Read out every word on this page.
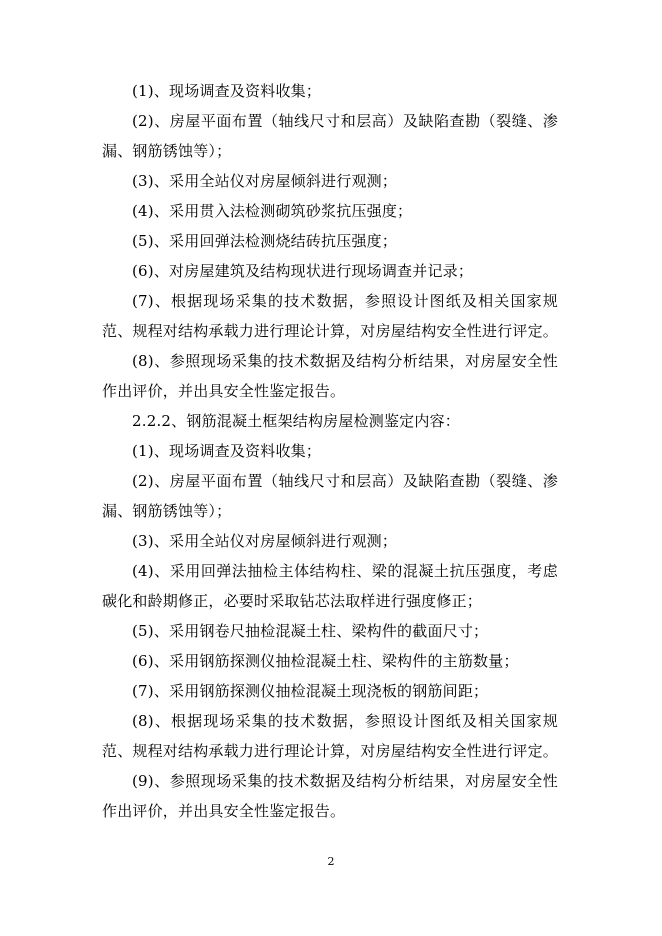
(1)、现场调查及资料收集；

(2)、房屋平面布置（轴线尺寸和层高）及缺陷查勘（裂缝、渗漏、钢筋锈蚀等）；

(3)、采用全站仪对房屋倾斜进行观测；

(4)、采用贯入法检测砌筑砂浆抗压强度；

(5)、采用回弹法检测烧结砖抗压强度；

(6)、对房屋建筑及结构现状进行现场调查并记录；

(7)、根据现场采集的技术数据，参照设计图纸及相关国家规范、规程对结构承载力进行理论计算，对房屋结构安全性进行评定。

(8)、参照现场采集的技术数据及结构分析结果，对房屋安全性作出评价，并出具安全性鉴定报告。

2.2.2、钢筋混凝土框架结构房屋检测鉴定内容：

(1)、现场调查及资料收集；

(2)、房屋平面布置（轴线尺寸和层高）及缺陷查勘（裂缝、渗漏、钢筋锈蚀等）；

(3)、采用全站仪对房屋倾斜进行观测；

(4)、采用回弹法抽检主体结构柱、梁的混凝土抗压强度，考虑碳化和龄期修正，必要时采取钻芯法取样进行强度修正；

(5)、采用钢卷尺抽检混凝土柱、梁构件的截面尺寸；

(6)、采用钢筋探测仪抽检混凝土柱、梁构件的主筋数量；

(7)、采用钢筋探测仪抽检混凝土现浇板的钢筋间距；

(8)、根据现场采集的技术数据，参照设计图纸及相关国家规范、规程对结构承载力进行理论计算，对房屋结构安全性进行评定。

(9)、参照现场采集的技术数据及结构分析结果，对房屋安全性作出评价，并出具安全性鉴定报告。

2
